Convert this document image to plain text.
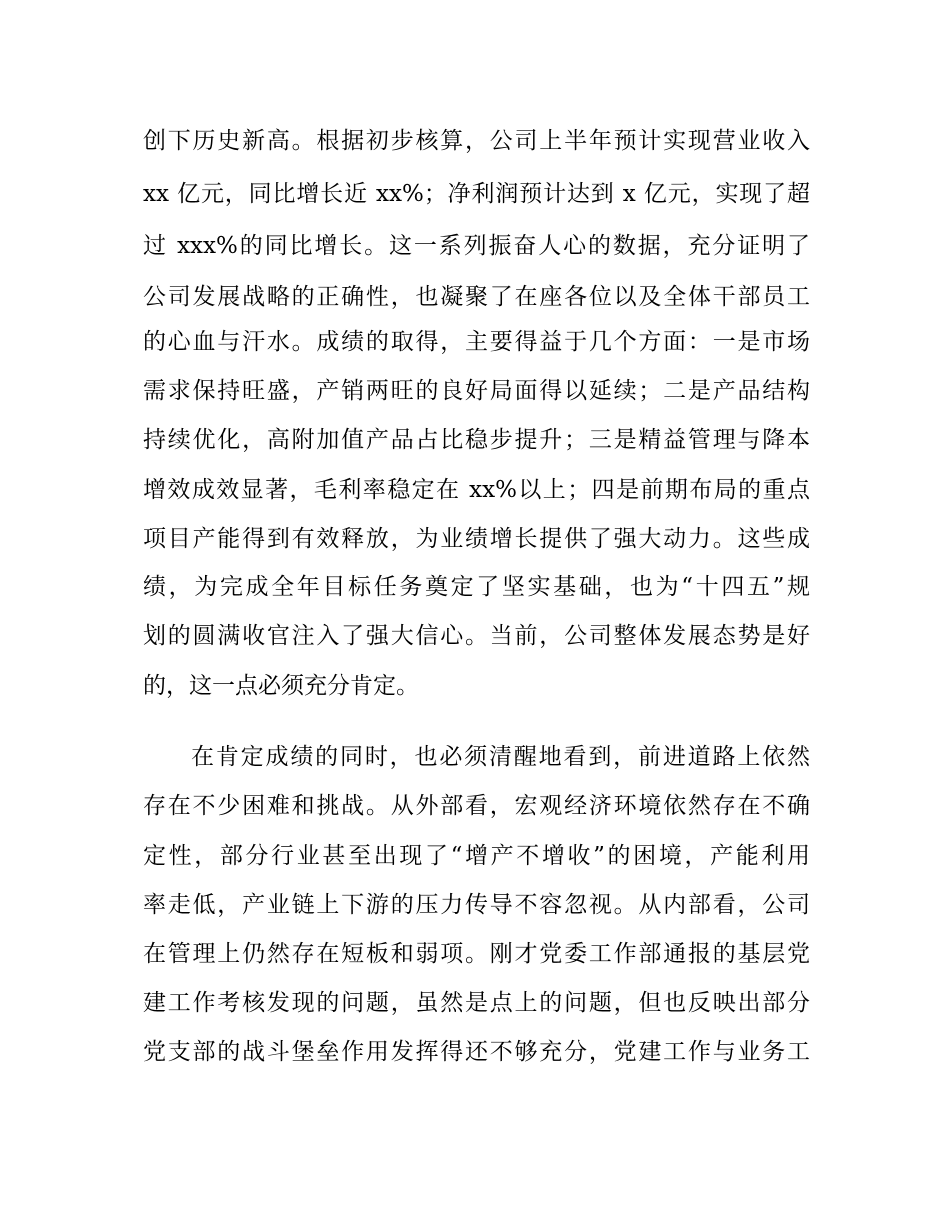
创下历史新高。根据初步核算，公司上半年预计实现营业收入
xx 亿元，同比增长近 xx%；净利润预计达到 x 亿元，实现了超
过 xxx%的同比增长。这一系列振奋人心的数据，充分证明了
公司发展战略的正确性，也凝聚了在座各位以及全体干部员工
的心血与汗水。成绩的取得，主要得益于几个方面：一是市场
需求保持旺盛，产销两旺的良好局面得以延续；二是产品结构
持续优化，高附加值产品占比稳步提升；三是精益管理与降本
增效成效显著，毛利率稳定在 xx%以上；四是前期布局的重点
项目产能得到有效释放，为业绩增长提供了强大动力。这些成
绩，为完成全年目标任务奠定了坚实基础，也为“十四五”规
划的圆满收官注入了强大信心。当前，公司整体发展态势是好
的，这一点必须充分肯定。
在肯定成绩的同时，也必须清醒地看到，前进道路上依然
存在不少困难和挑战。从外部看，宏观经济环境依然存在不确
定性，部分行业甚至出现了“增产不增收”的困境，产能利用
率走低，产业链上下游的压力传导不容忽视。从内部看，公司
在管理上仍然存在短板和弱项。刚才党委工作部通报的基层党
建工作考核发现的问题，虽然是点上的问题，但也反映出部分
党支部的战斗堡垒作用发挥得还不够充分，党建工作与业务工
